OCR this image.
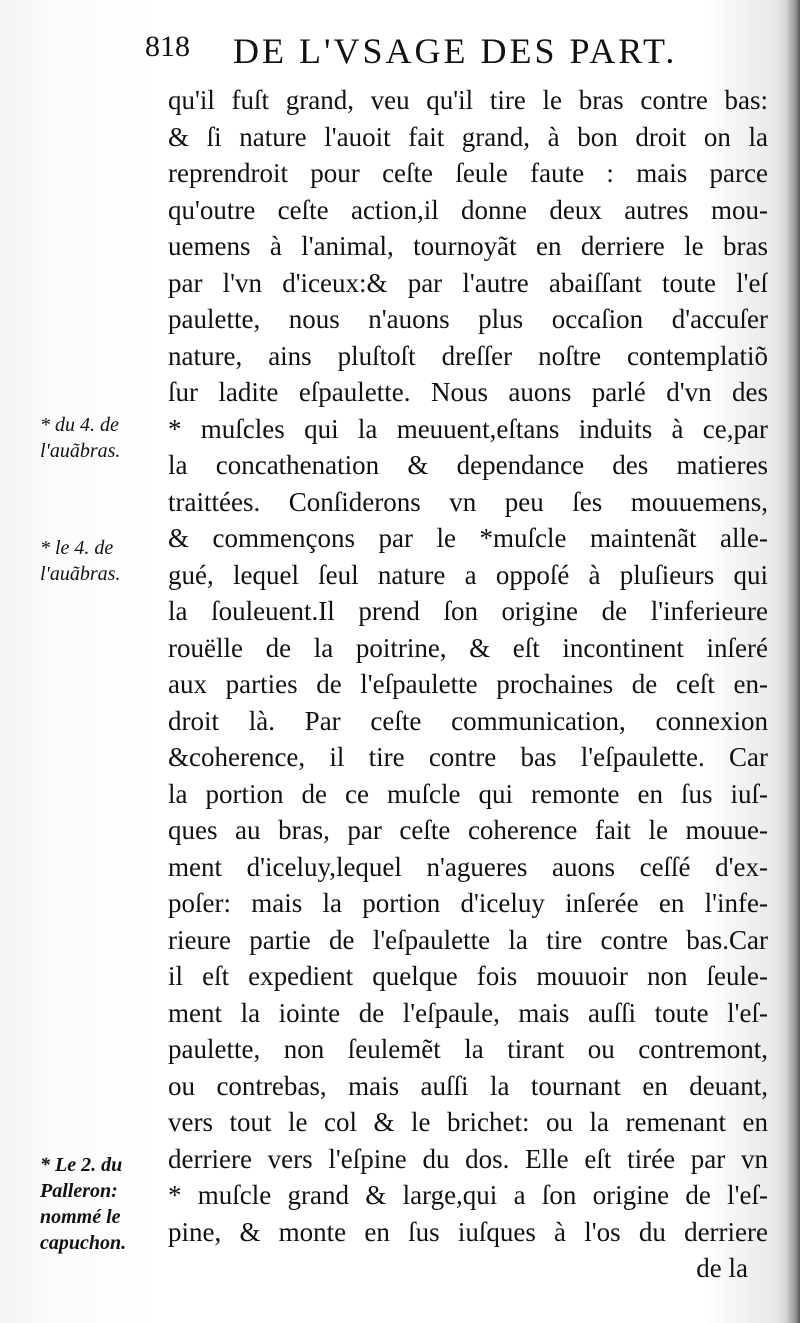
818 DE L'VSAGE DES PART.
* du 4. de
l'auãbras.
* le 4. de
l'auãbras.
* Le 2. du
Palleron:
nommé le
capuchon.
qu'il fuſt grand, veu qu'il tire le bras contre bas:
& ſi nature l'auoit fait grand, à bon droit on la
reprendroit pour ceſte ſeule faute : mais parce
qu'outre ceſte action,il donne deux autres mou-
uemens à l'animal, tournoyãt en derriere le bras
par l'vn d'iceux:& par l'autre abaiſſant toute l'eſ
paulette, nous n'auons plus occaſion d'accuſer
nature, ains pluſtoſt dreſſer noſtre contemplatiõ
ſur ladite eſpaulette. Nous auons parlé d'vn des
* muſcles qui la meuuent,eſtans induits à ce,par
la concathenation & dependance des matieres
traittées. Conſiderons vn peu ſes mouuemens,
& commençons par le *muſcle maintenãt alle-
gué, lequel ſeul nature a oppoſé à pluſieurs qui
la ſouleuent.Il prend ſon origine de l'inferieure
rouëlle de la poitrine, & eſt incontinent inſeré
aux parties de l'eſpaulette prochaines de ceſt en-
droit là. Par ceſte communication, connexion
&coherence, il tire contre bas l'eſpaulette. Car
la portion de ce muſcle qui remonte en ſus iuſ-
ques au bras, par ceſte coherence fait le mouue-
ment d'iceluy,lequel n'agueres auons ceſſé d'ex-
poſer: mais la portion d'iceluy inſerée en l'infe-
rieure partie de l'eſpaulette la tire contre bas.Car
il eſt expedient quelque fois mouuoir non ſeule-
ment la iointe de l'eſpaule, mais auſſi toute l'eſ-
paulette, non ſeulemẽt la tirant ou contremont,
ou contrebas, mais auſſi la tournant en deuant,
vers tout le col & le brichet: ou la remenant en
derriere vers l'eſpine du dos. Elle eſt tirée par vn
* muſcle grand & large,qui a ſon origine de l'eſ-
pine, & monte en ſus iuſques à l'os du derriere
de la
